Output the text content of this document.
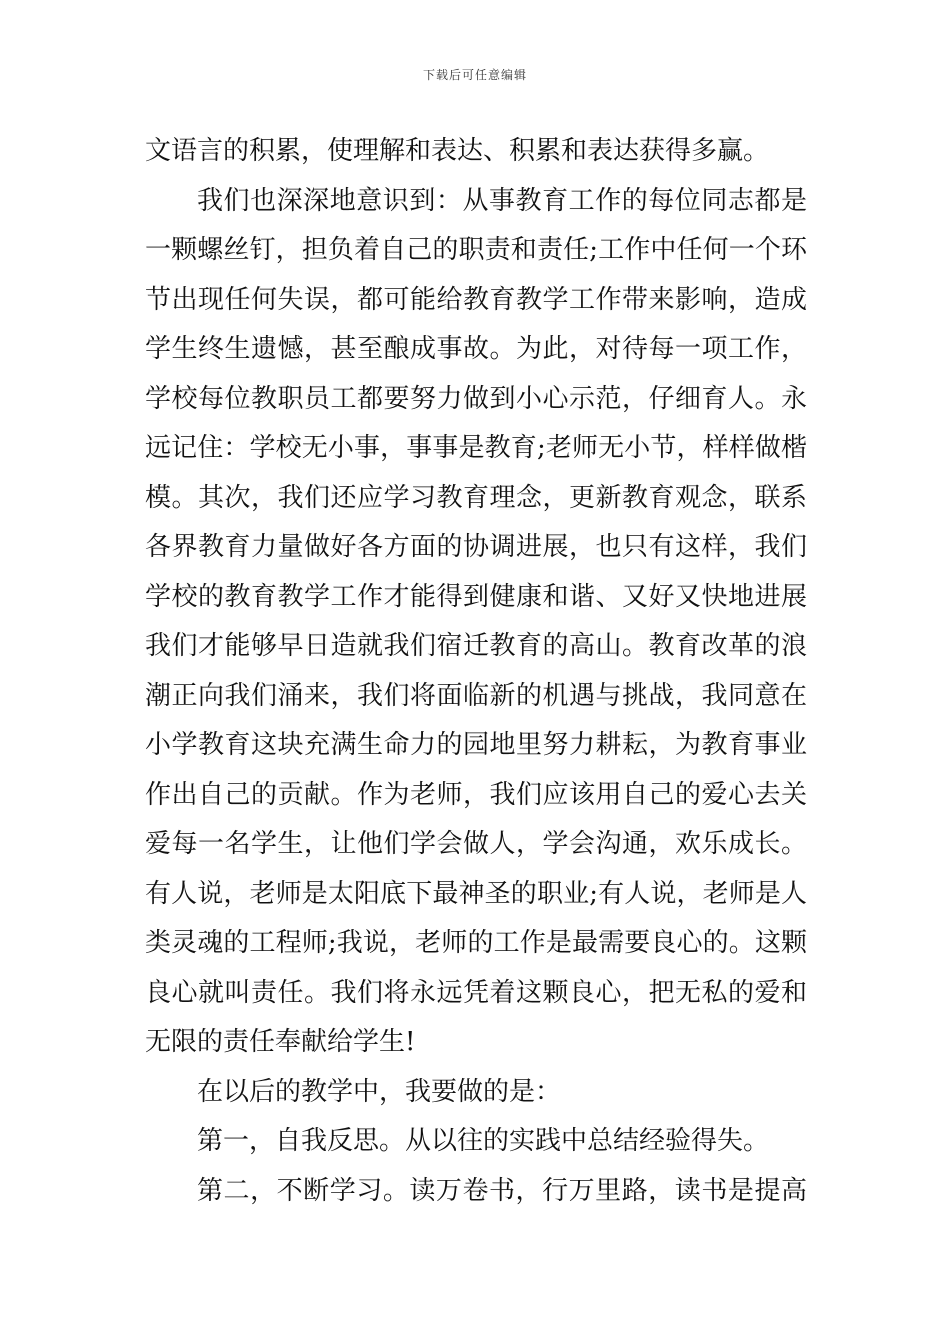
下载后可任意编辑
文语言的积累，使理解和表达、积累和表达获得多赢。
我们也深深地意识到：从事教育工作的每位同志都是
一颗螺丝钉，担负着自己的职责和责任;工作中任何一个环
节出现任何失误，都可能给教育教学工作带来影响，造成
学生终生遗憾，甚至酿成事故。为此，对待每一项工作，
学校每位教职员工都要努力做到小心示范，仔细育人。永
远记住：学校无小事，事事是教育;老师无小节，样样做楷
模。其次，我们还应学习教育理念，更新教育观念，联系
各界教育力量做好各方面的协调进展，也只有这样，我们
学校的教育教学工作才能得到健康和谐、又好又快地进展
我们才能够早日造就我们宿迁教育的高山。教育改革的浪
潮正向我们涌来，我们将面临新的机遇与挑战，我同意在
小学教育这块充满生命力的园地里努力耕耘，为教育事业
作出自己的贡献。作为老师，我们应该用自己的爱心去关
爱每一名学生，让他们学会做人，学会沟通，欢乐成长。
有人说，老师是太阳底下最神圣的职业;有人说，老师是人
类灵魂的工程师;我说，老师的工作是最需要良心的。这颗
良心就叫责任。我们将永远凭着这颗良心，把无私的爱和
无限的责任奉献给学生!
在以后的教学中，我要做的是：
第一，自我反思。从以往的实践中总结经验得失。
第二，不断学习。读万卷书，行万里路，读书是提高
